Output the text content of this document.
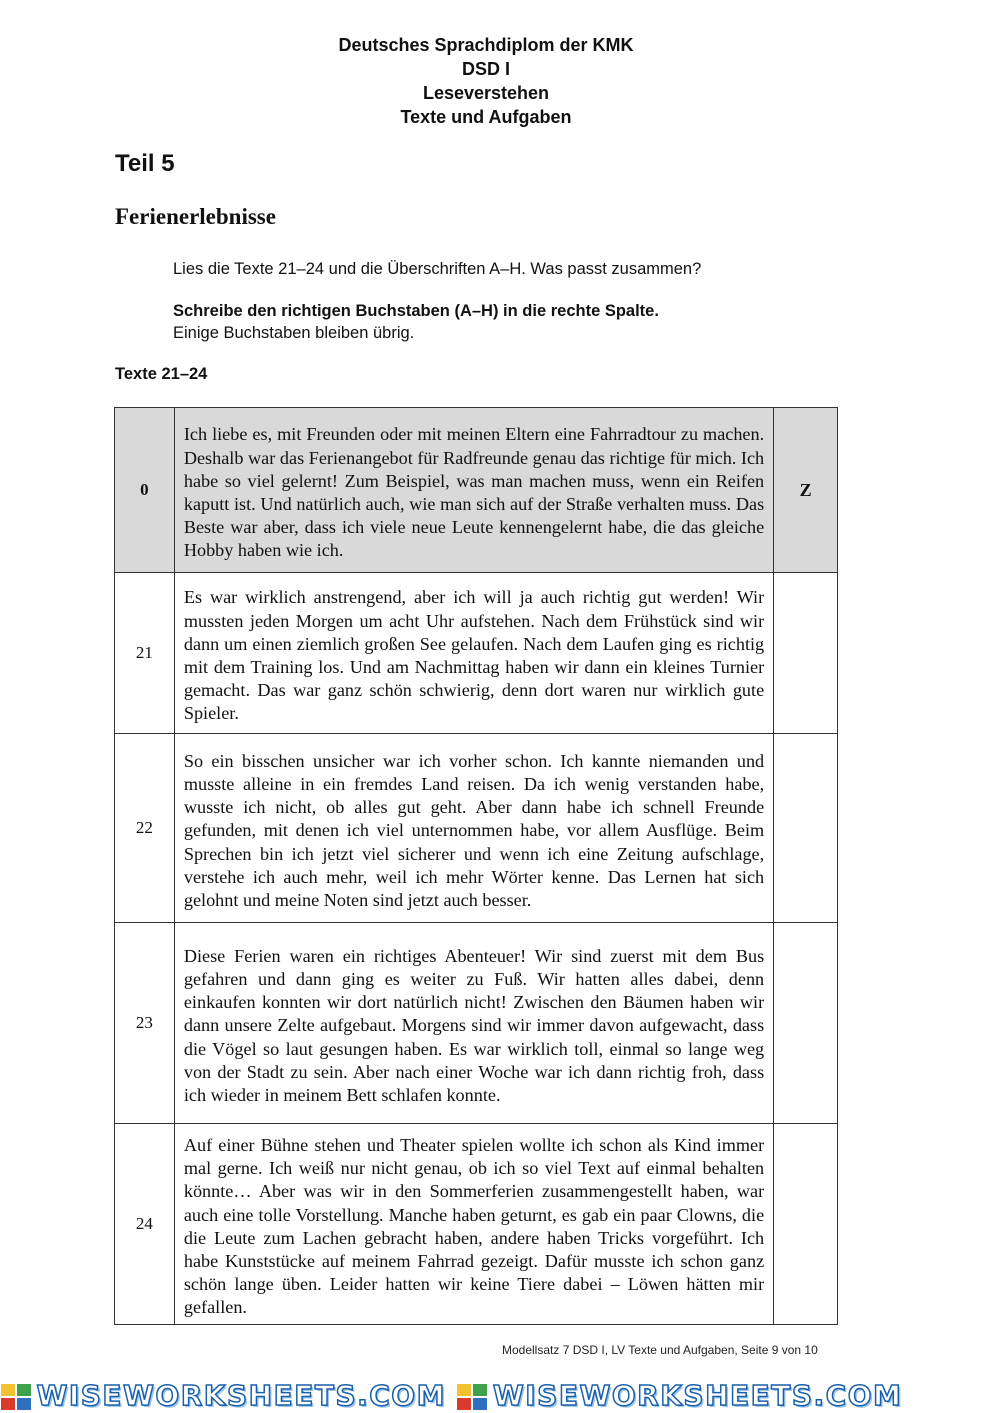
Deutsches Sprachdiplom der KMK
DSD I
Leseverstehen
Texte und Aufgaben
Teil 5
Ferienerlebnisse
Lies die Texte 21–24 und die Überschriften A–H. Was passt zusammen?
Schreibe den richtigen Buchstaben (A–H) in die rechte Spalte.
Einige Buchstaben bleiben übrig.
Texte 21–24
0	Ich liebe es, mit Freunden oder mit meinen Eltern eine Fahrradtour zu machen. Deshalb war das Ferienangebot für Radfreunde genau das richtige für mich. Ich habe so viel gelernt! Zum Beispiel, was man machen muss, wenn ein Reifen kaputt ist. Und natürlich auch, wie man sich auf der Straße verhalten muss. Das Beste war aber, dass ich viele neue Leute kennengelernt habe, die das gleiche Hobby haben wie ich.	Z
21	Es war wirklich anstrengend, aber ich will ja auch richtig gut werden! Wir mussten jeden Morgen um acht Uhr aufstehen. Nach dem Frühstück sind wir dann um einen ziemlich großen See gelaufen. Nach dem Laufen ging es richtig mit dem Training los. Und am Nachmittag haben wir dann ein kleines Turnier gemacht. Das war ganz schön schwierig, denn dort waren nur wirklich gute Spieler.	
22	So ein bisschen unsicher war ich vorher schon. Ich kannte niemanden und musste alleine in ein fremdes Land reisen. Da ich wenig verstanden habe, wusste ich nicht, ob alles gut geht. Aber dann habe ich schnell Freunde gefunden, mit denen ich viel unternommen habe, vor allem Ausflüge. Beim Sprechen bin ich jetzt viel sicherer und wenn ich eine Zeitung aufschlage, verstehe ich auch mehr, weil ich mehr Wörter kenne. Das Lernen hat sich gelohnt und meine Noten sind jetzt auch besser.	
23	Diese Ferien waren ein richtiges Abenteuer! Wir sind zuerst mit dem Bus gefahren und dann ging es weiter zu Fuß. Wir hatten alles dabei, denn einkaufen konnten wir dort natürlich nicht! Zwischen den Bäumen haben wir dann unsere Zelte aufgebaut. Morgens sind wir immer davon aufgewacht, dass die Vögel so laut gesungen haben. Es war wirklich toll, einmal so lange weg von der Stadt zu sein. Aber nach einer Woche war ich dann richtig froh, dass ich wieder in meinem Bett schlafen konnte.	
24	Auf einer Bühne stehen und Theater spielen wollte ich schon als Kind immer mal gerne. Ich weiß nur nicht genau, ob ich so viel Text auf einmal behalten könnte… Aber was wir in den Sommerferien zusammengestellt haben, war auch eine tolle Vorstellung. Manche haben geturnt, es gab ein paar Clowns, die die Leute zum Lachen gebracht haben, andere haben Tricks vorgeführt. Ich habe Kunststücke auf meinem Fahrrad gezeigt. Dafür musste ich schon ganz schön lange üben. Leider hatten wir keine Tiere dabei – Löwen hätten mir gefallen.	
Modellsatz 7 DSD I, LV Texte und Aufgaben, Seite 9 von 10
WISEWORKSHEETS.COM WISEWORKSHEETS.COM
